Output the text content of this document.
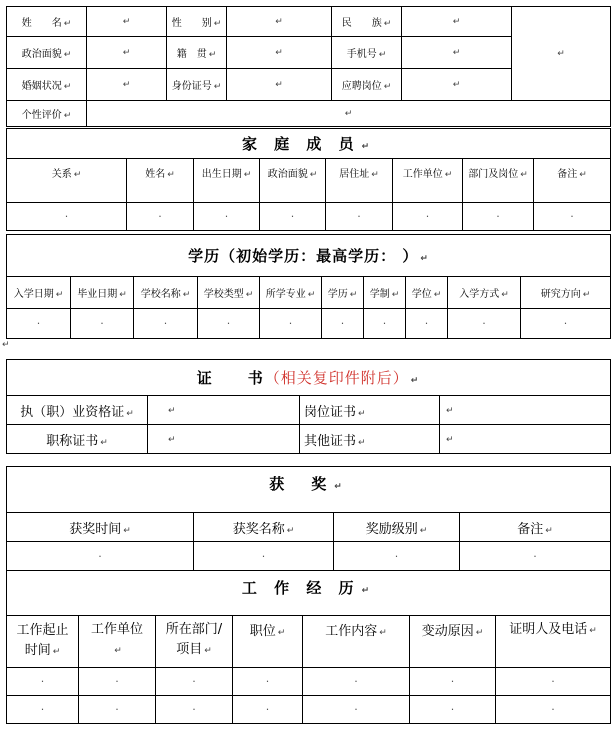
姓　　名 ↵	↵	性　　别 ↵	↵	民　　族 ↵	↵	↵
政治面貌 ↵	↵	籍　贯 ↵	↵	手机号 ↵	↵
婚姻状况 ↵	↵	身份证号 ↵	↵	应聘岗位 ↵	↵
个性评价 ↵	↵
家 庭 成 员 ↵
关系 ↵	姓名 ↵	出生日期 ↵	政治面貌 ↵	居住址 ↵	工作单位 ↵	部门及岗位 ↵	备注 ↵
·	·	·	·	·	·	·	·
学历（初始学历：最高学历： ） ↵
入学日期 ↵	毕业日期 ↵	学校名称 ↵	学校类型 ↵	所学专业 ↵	学历 ↵	学制 ↵	学位 ↵	入学方式 ↵	研究方向 ↵
·	·	·	·	·	·	·	·	·	·
↵
证　　书（相关复印件附后） ↵
执（职）业资格证 ↵	↵	岗位证书 ↵	↵
职称证书 ↵	↵	其他证书 ↵	↵
获　奖 ↵
获奖时间 ↵	获奖名称 ↵	奖励级别 ↵	备注 ↵
·	·	·	·
工 作 经 历 ↵
工作起止时间 ↵	工作单位 ↵	所在部门/项目 ↵	职位 ↵	工作内容 ↵	变动原因 ↵	证明人及电话 ↵
·	·	·	·	·	·	·
·	·	·	·	·	·	·
